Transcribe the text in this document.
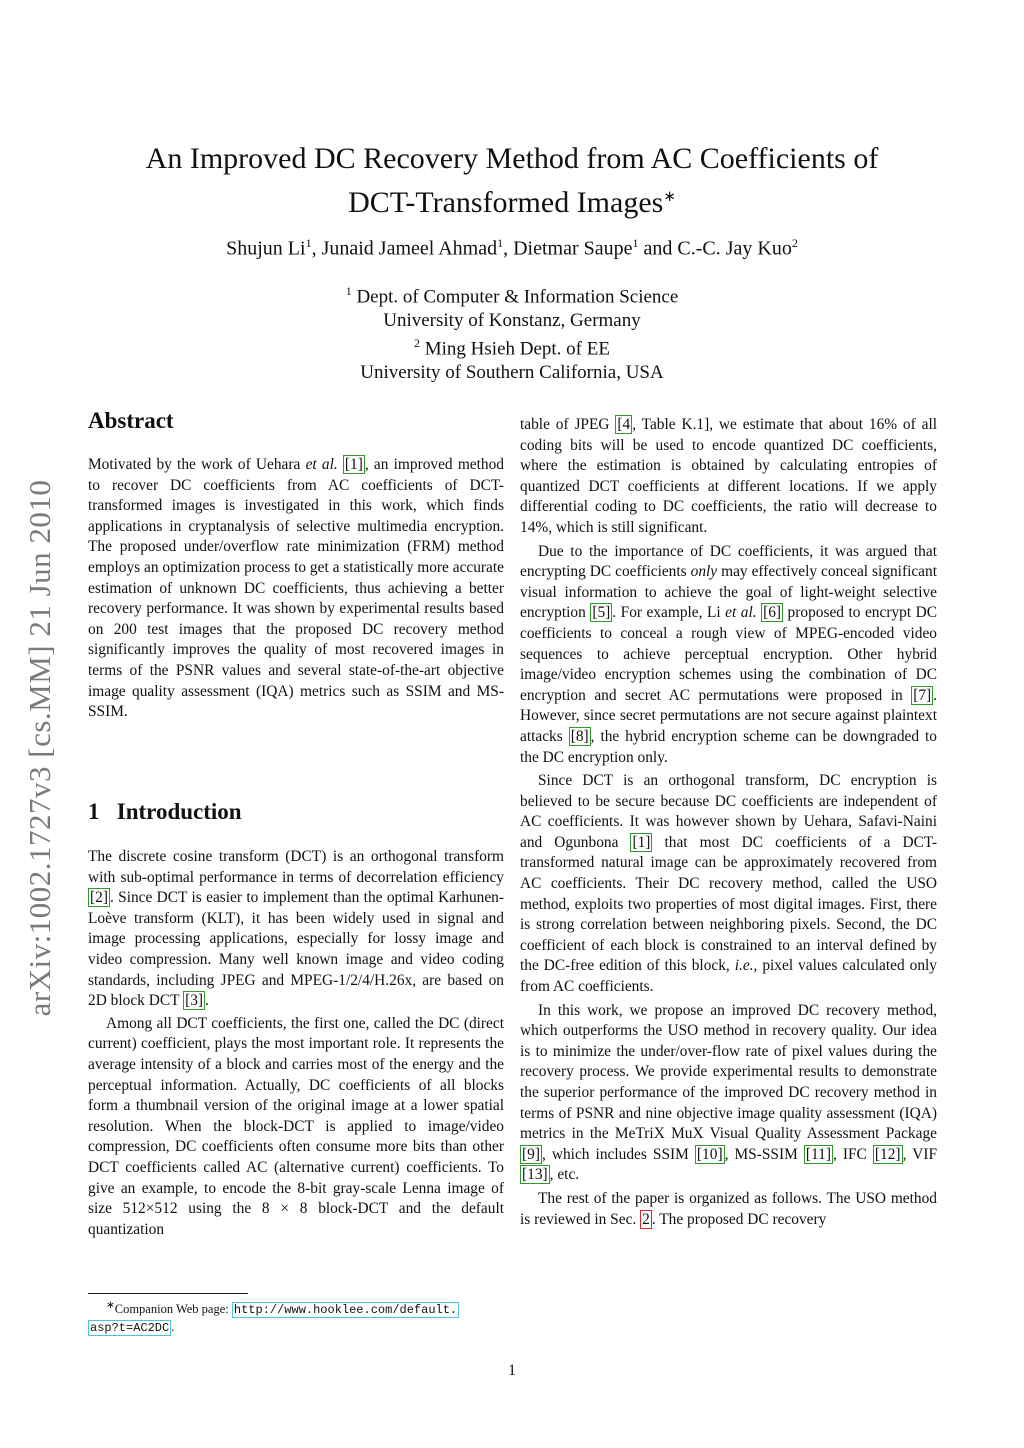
arXiv:1002.1727v3 [cs.MM] 21 Jun 2010
An Improved DC Recovery Method from AC Coefficients of
DCT-Transformed Images∗
Shujun Li$^1$, Junaid Jameel Ahmad$^1$, Dietmar Saupe$^1$ and C.-C. Jay Kuo$^2$
$^1$ Dept. of Computer & Information Science
University of Konstanz, Germany
$^2$ Ming Hsieh Dept. of EE
University of Southern California, USA
Abstract

Motivated by the work of Uehara et al. [1] , an improved method to recover DC coefficients from AC coefficients of DCT-transformed images is investigated in this work, which finds applications in cryptanalysis of selective multimedia encryption. The proposed under/overflow rate minimization (FRM) method employs an optimization process to get a statistically more accurate estimation of unknown DC coefficients, thus achieving a better recovery performance. It was shown by experimental results based on 200 test images that the proposed DC recovery method significantly improves the quality of most recovered images in terms of the PSNR values and several state-of-the-art objective image quality assessment (IQA) metrics such as SSIM and MS-SSIM.

1 Introduction

The discrete cosine transform (DCT) is an orthogonal transform with sub-optimal performance in terms of decorrelation efficiency [2] . Since DCT is easier to implement than the optimal Karhunen-Loève transform (KLT), it has been widely used in signal and image processing applications, especially for lossy image and video compression. Many well known image and video coding standards, including JPEG and MPEG-1/2/4/H.26x, are based on 2D block DCT [3] .

Among all DCT coefficients, the first one, called the DC (direct current) coefficient, plays the most important role. It represents the average intensity of a block and carries most of the energy and the perceptual information. Actually, DC coefficients of all blocks form a thumbnail version of the original image at a lower spatial resolution. When the block-DCT is applied to image/video compression, DC coefficients often consume more bits than other DCT coefficients called AC (alternative current) coefficients. To give an example, to encode the 8-bit gray-scale Lenna image of size 512×512 using the 8 × 8 block-DCT and the default quantization

table of JPEG [4 , Table K.1], we estimate that about 16% of all coding bits will be used to encode quantized DC coefficients, where the estimation is obtained by calculating entropies of quantized DCT coefficients at different locations. If we apply differential coding to DC coefficients, the ratio will decrease to 14%, which is still significant.

Due to the importance of DC coefficients, it was argued that encrypting DC coefficients only may effectively conceal significant visual information to achieve the goal of light-weight selective encryption [5] . For example, Li et al. [6] proposed to encrypt DC coefficients to conceal a rough view of MPEG-encoded video sequences to achieve perceptual encryption. Other hybrid image/video encryption schemes using the combination of DC encryption and secret AC permutations were proposed in [7] . However, since secret permutations are not secure against plaintext attacks [8] , the hybrid encryption scheme can be downgraded to the DC encryption only.

Since DCT is an orthogonal transform, DC encryption is believed to be secure because DC coefficients are independent of AC coefficients. It was however shown by Uehara, Safavi-Naini and Ogunbona [1] that most DC coefficients of a DCT-transformed natural image can be approximately recovered from AC coefficients. Their DC recovery method, called the USO method, exploits two properties of most digital images. First, there is strong correlation between neighboring pixels. Second, the DC coefficient of each block is constrained to an interval defined by the DC-free edition of this block, i.e., pixel values calculated only from AC coefficients.

In this work, we propose an improved DC recovery method, which outperforms the USO method in recovery quality. Our idea is to minimize the under/over-flow rate of pixel values during the recovery process. We provide experimental results to demonstrate the superior performance of the improved DC recovery method in terms of PSNR and nine objective image quality assessment (IQA) metrics in the MeTriX MuX Visual Quality Assessment Package [9] , which includes SSIM [10] , MS-SSIM [11] , IFC [12] , VIF [13] , etc.

The rest of the paper is organized as follows. The USO method is reviewed in Sec. 2 . The proposed DC recovery

∗Companion Web page: http://www.hooklee.com/default.
asp?t=AC2DC .
1
